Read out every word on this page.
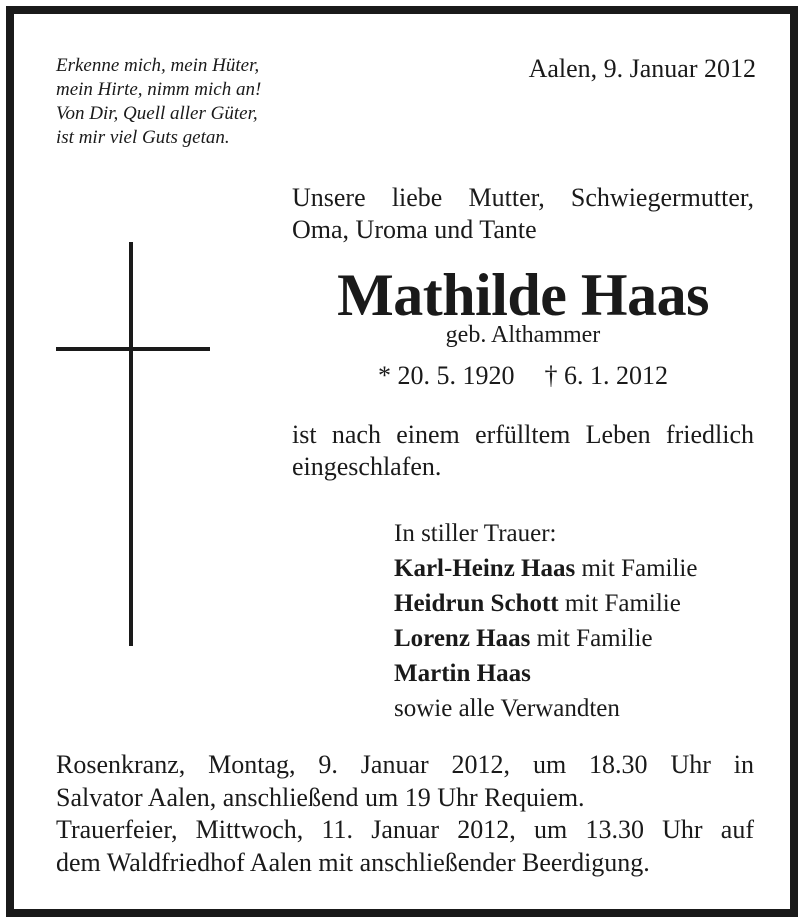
Erkenne mich, mein Hüter,
mein Hirte, nimm mich an!
Von Dir, Quell aller Güter,
ist mir viel Guts getan.
Aalen, 9. Januar 2012
Unsere liebe Mutter, Schwiegermutter,
Oma, Uroma und Tante
Mathilde Haas
geb. Althammer
* 20. 5. 1920 † 6. 1. 2012
ist nach einem erfülltem Leben friedlich
eingeschlafen.
In stiller Trauer:
Karl-Heinz Haas mit Familie
Heidrun Schott mit Familie
Lorenz Haas mit Familie
Martin Haas
sowie alle Verwandten
Rosenkranz, Montag, 9. Januar 2012, um 18.30 Uhr in
Salvator Aalen, anschließend um 19 Uhr Requiem.
Trauerfeier, Mittwoch, 11. Januar 2012, um 13.30 Uhr auf
dem Waldfriedhof Aalen mit anschließender Beerdigung.
